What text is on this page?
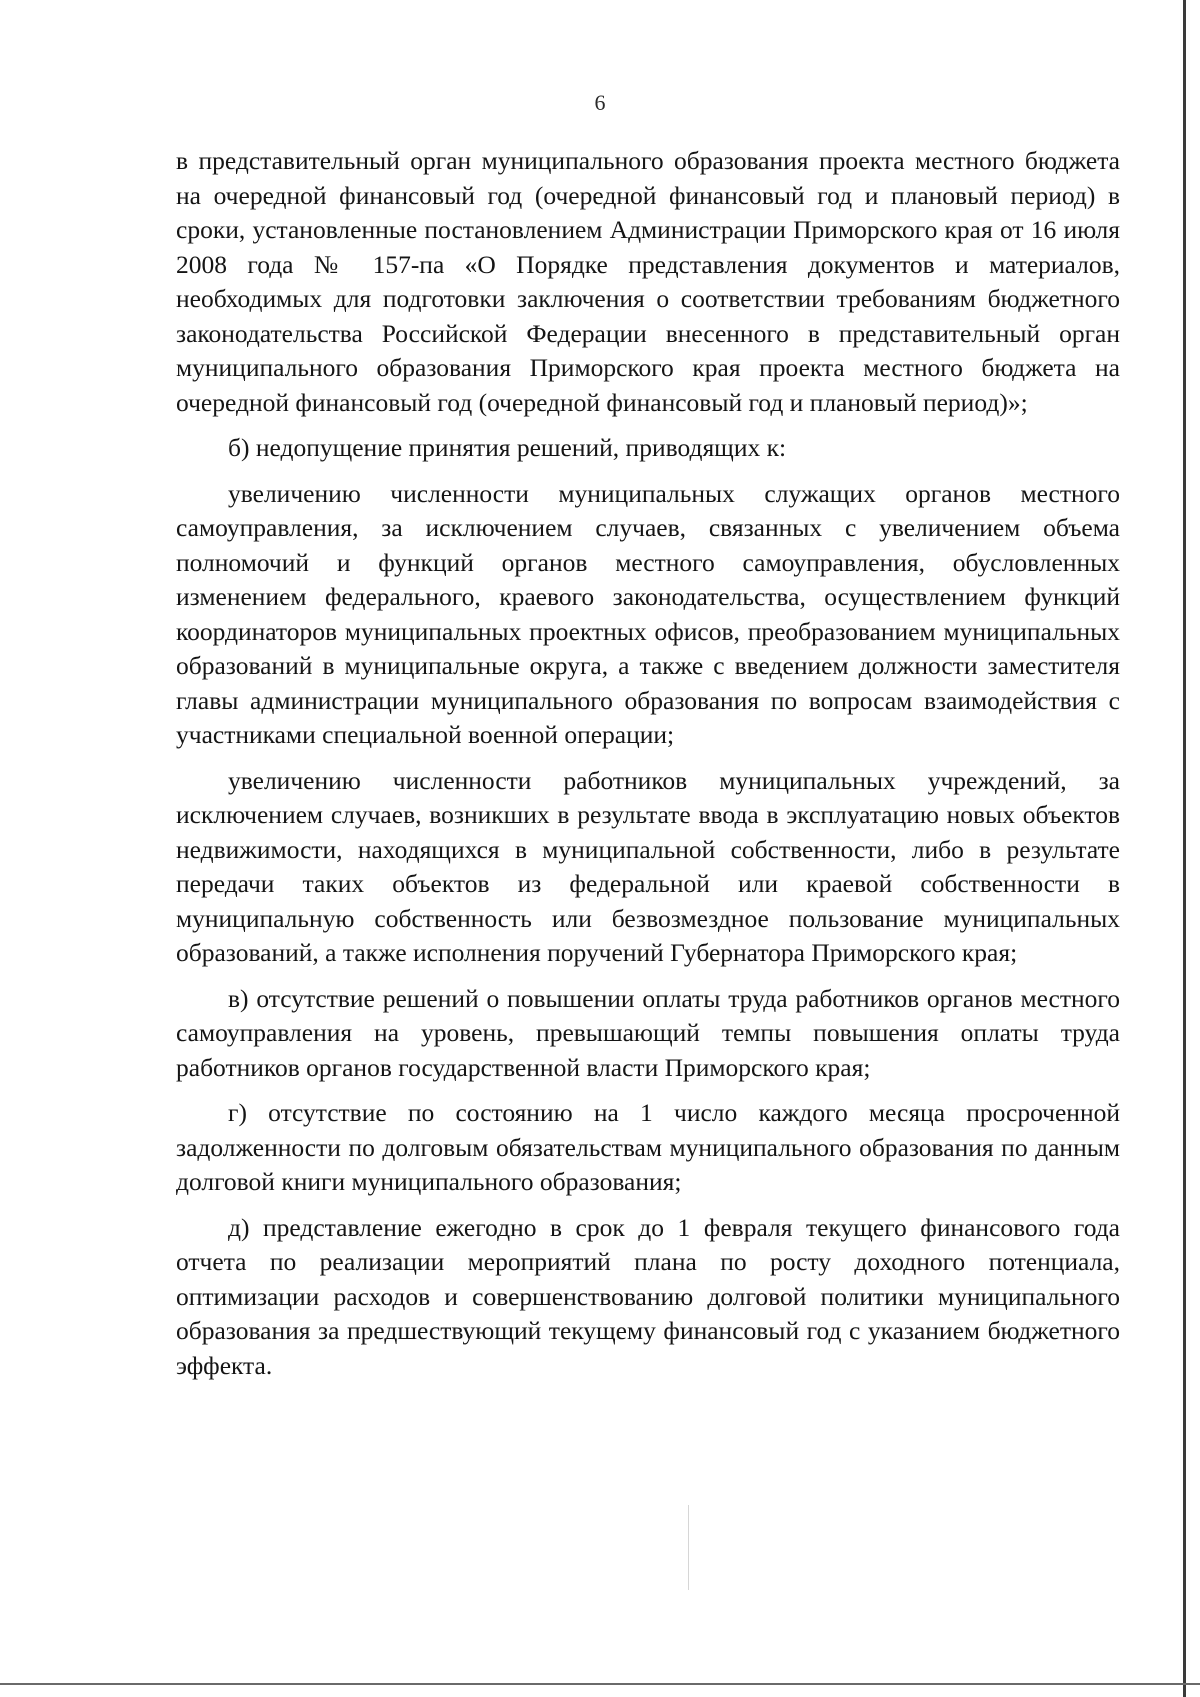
6

в представительный орган муниципального образования проекта местного бюджета на очередной финансовый год (очередной финансовый год и плановый период) в сроки, установленные постановлением Администрации Приморского края от 16 июля 2008 года № 157-па «О Порядке представления документов и материалов, необходимых для подготовки заключения о соответствии требованиям бюджетного законодательства Российской Федерации внесенного в представительный орган муниципального образования Приморского края проекта местного бюджета на очередной финансовый год (очередной финансовый год и плановый период)»;

б) недопущение принятия решений, приводящих к:

увеличению численности муниципальных служащих органов местного самоуправления, за исключением случаев, связанных с увеличением объема полномочий и функций органов местного самоуправления, обусловленных изменением федерального, краевого законодательства, осуществлением функций координаторов муниципальных проектных офисов, преобразованием муниципальных образований в муниципальные округа, а также с введением должности заместителя главы администрации муниципального образования по вопросам взаимодействия с участниками специальной военной операции;

увеличению численности работников муниципальных учреждений, за исключением случаев, возникших в результате ввода в эксплуатацию новых объектов недвижимости, находящихся в муниципальной собственности, либо в результате передачи таких объектов из федеральной или краевой собственности в муниципальную собственность или безвозмездное пользование муниципальных образований, а также исполнения поручений Губернатора Приморского края;

в) отсутствие решений о повышении оплаты труда работников органов местного самоуправления на уровень, превышающий темпы повышения оплаты труда работников органов государственной власти Приморского края;

г) отсутствие по состоянию на 1 число каждого месяца просроченной задолженности по долговым обязательствам муниципального образования по данным долговой книги муниципального образования;

д) представление ежегодно в срок до 1 февраля текущего финансового года отчета по реализации мероприятий плана по росту доходного потенциала, оптимизации расходов и совершенствованию долговой политики муниципального образования за предшествующий текущему финансовый год с указанием бюджетного эффекта.
